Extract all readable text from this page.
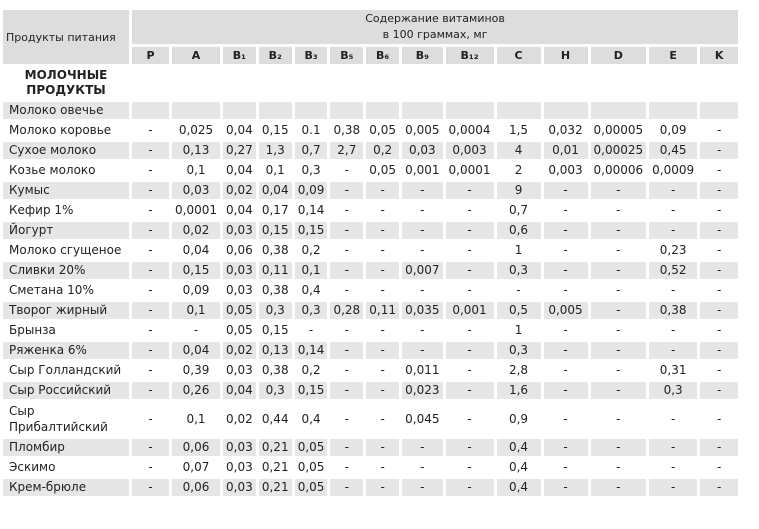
Продукты питания	Содержание витаминов
в 100 граммах, мг													

	P	A	B₁	B₂	B₃	B₅	B₆	B₉	B₁₂	C	H	D	E	K

МОЛОЧНЫЕ
ПРОДУКТЫ														

Молоко овечье														
Молоко коровье	-	0,025	0,04	0,15	0.1	0,38	0,05	0,005	0,0004	1,5	0,032	0,00005	0,09	-
Сухое молоко	-	0,13	0,27	1,3	0,7	2,7	0,2	0,03	0,003	4	0,01	0,00025	0,45	-
Козье молоко	-	0,1	0,04	0,1	0,3	-	0,05	0,001	0,0001	2	0,003	0,00006	0,0009	-
Кумыс	-	0,03	0,02	0,04	0,09	-	-	-	-	9	-	-	-	-
Кефир 1%	-	0,0001	0,04	0,17	0,14	-	-	-	-	0,7	-	-	-	-
Йогурт	-	0,02	0,03	0,15	0,15	-	-	-	-	0,6	-	-	-	-
Молоко сгущеное	-	0,04	0,06	0,38	0,2	-	-	-	-	1	-	-	0,23	-
Сливки 20%	-	0,15	0,03	0,11	0,1	-	-	0,007	-	0,3	-	-	0,52	-
Сметана 10%	-	0,09	0,03	0,38	0,4	-	-	-	-	-	-	-	-	-
Творог жирный	-	0,1	0,05	0,3	0,3	0,28	0,11	0,035	0,001	0,5	0,005	-	0,38	-
Брынза	-	-	0,05	0,15	-	-	-	-	-	1	-	-	-	-
Ряженка 6%	-	0,04	0,02	0,13	0,14	-	-	-	-	0,3	-	-	-	-
Сыр Голландский	-	0,39	0,03	0,38	0,2	-	-	0,011	-	2,8	-	-	0,31	-
Сыр Российский	-	0,26	0,04	0,3	0,15	-	-	0,023	-	1,6	-	-	0,3	-
Сыр Прибалтийский	-	0,1	0,02	0,44	0,4	-	-	0,045	-	0,9	-	-	-	-
Пломбир	-	0,06	0,03	0,21	0,05	-	-	-	-	0,4	-	-	-	-
Эскимо	-	0,07	0,03	0,21	0,05	-	-	-	-	0,4	-	-	-	-
Крем-брюле	-	0,06	0,03	0,21	0,05	-	-	-	-	0,4	-	-	-	-
